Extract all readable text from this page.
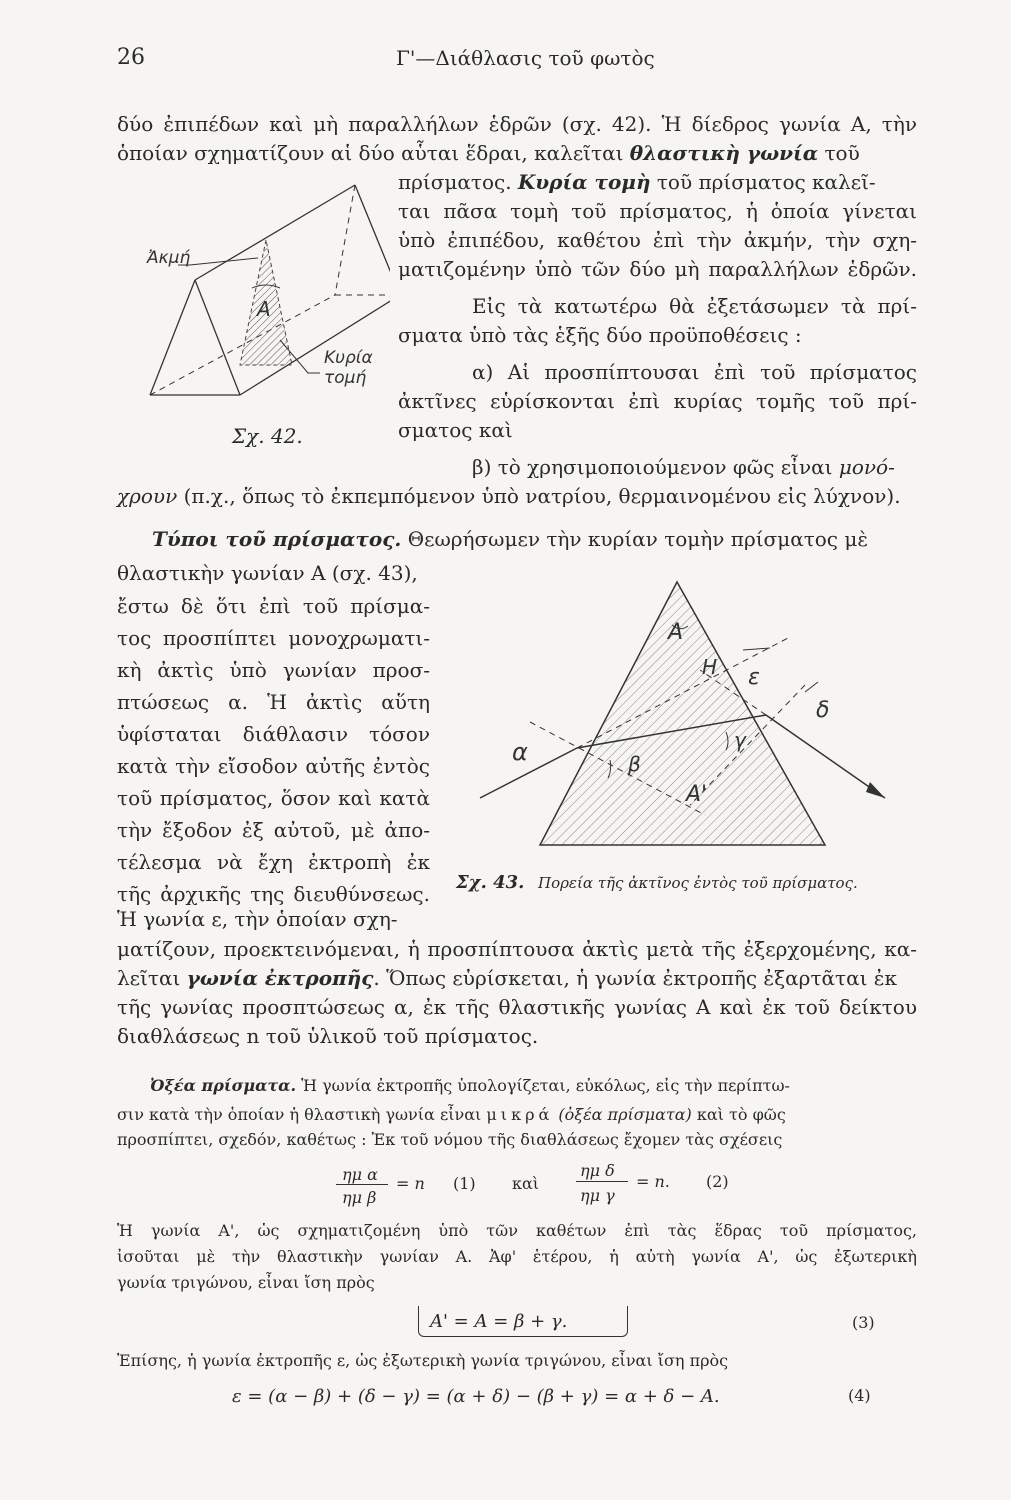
26	Γ'—Διάθλασις τοῦ φωτὸς
δύο ἐπιπέδων καὶ μὴ παραλλήλων ἑδρῶν (σχ. 42). Ἡ δίεδρος γωνία A, τὴν
ὁποίαν σχηματίζουν αἱ δύο αὗται ἕδραι, καλεῖται θλαστικὴ γωνία τοῦ
πρίσματος. Κυρία τομὴ τοῦ πρίσματος καλεῖ-
ται πᾶσα τομὴ τοῦ πρίσματος, ἡ ὁποία γίνεται
ὑπὸ ἐπιπέδου, καθέτου ἐπὶ τὴν ἀκμήν, τὴν σχη-
ματιζομένην ὑπὸ τῶν δύο μὴ παραλλήλων ἑδρῶν.
Εἰς τὰ κατωτέρω θὰ ἐξετάσωμεν τὰ πρί-
σματα ὑπὸ τὰς ἑξῆς δύο προϋποθέσεις :
α) Αἱ προσπίπτουσαι ἐπὶ τοῦ πρίσματος
ἀκτῖνες εὑρίσκονται ἐπὶ κυρίας τομῆς τοῦ πρί-
σματος καὶ
β) τὸ χρησιμοποιούμενον φῶς εἶναι μονό-
χρουν (π.χ., ὅπως τὸ ἐκπεμπόμενον ὑπὸ νατρίου, θερμαινομένου εἰς λύχνον).
Ἀκμή
A
Κυρία
τομή
Σχ. 42.
Τύποι τοῦ πρίσματος. Θεωρήσωμεν τὴν κυρίαν τομὴν πρίσματος μὲ
θλαστικὴν γωνίαν A (σχ. 43),
ἔστω δὲ ὅτι ἐπὶ τοῦ πρίσμα-
τος προσπίπτει μονοχρωματι-
κὴ ἀκτὶς ὑπὸ γωνίαν προσ-
πτώσεως α. Ἡ ἀκτὶς αὕτη
ὑφίσταται διάθλασιν τόσον
κατὰ τὴν εἴσοδον αὐτῆς ἐντὸς
τοῦ πρίσματος, ὅσον καὶ κατὰ
τὴν ἔξοδον ἐξ αὐτοῦ, μὲ ἀπο-
τέλεσμα νὰ ἔχη ἐκτροπὴ ἐκ
τῆς ἀρχικῆς της διευθύνσεως.
Ἡ γωνία ε, τὴν ὁποίαν σχη-
ματίζουν, προεκτεινόμεναι, ἡ προσπίπτουσα ἀκτὶς μετὰ τῆς ἐξερχομένης, κα-
λεῖται γωνία ἐκτροπῆς. Ὅπως εὑρίσκεται, ἡ γωνία ἐκτροπῆς ἐξαρτᾶται ἐκ
τῆς γωνίας προσπτώσεως α, ἐκ τῆς θλαστικῆς γωνίας A καὶ ἐκ τοῦ δείκτου
διαθλάσεως n τοῦ ὑλικοῦ τοῦ πρίσματος.
A
H ε
δ
γ
β
α
A'
Σχ. 43. Πορεία τῆς ἀκτῖνος ἐντὸς τοῦ πρίσματος.
Ὀξέα πρίσματα. Ἡ γωνία ἐκτροπῆς ὑπολογίζεται, εὐκόλως, εἰς τὴν περίπτω-
σιν κατὰ τὴν ὁποίαν ἡ θλαστικὴ γωνία εἶναι μικρά (ὀξέα πρίσματα) καὶ τὸ φῶς
προσπίπτει, σχεδόν, καθέτως : Ἐκ τοῦ νόμου τῆς διαθλάσεως ἔχομεν τὰς σχέσεις
ημ α
ημ β
= n (1) καὶ
ημ δ
ημ γ
= n. (2)
Ἡ γωνία A', ὡς σχηματιζομένη ὑπὸ τῶν καθέτων ἐπὶ τὰς ἕδρας τοῦ πρίσματος,
ἰσοῦται μὲ τὴν θλαστικὴν γωνίαν A. Ἀφ' ἑτέρου, ἡ αὐτὴ γωνία A', ὡς ἐξωτερικὴ
γωνία τριγώνου, εἶναι ἴση πρὸς
A' = A = β + γ.	(3)
Ἐπίσης, ἡ γωνία ἐκτροπῆς ε, ὡς ἐξωτερικὴ γωνία τριγώνου, εἶναι ἴση πρὸς
ε = (α − β) + (δ − γ) = (α + δ) − (β + γ) = α + δ − A.	(4)
